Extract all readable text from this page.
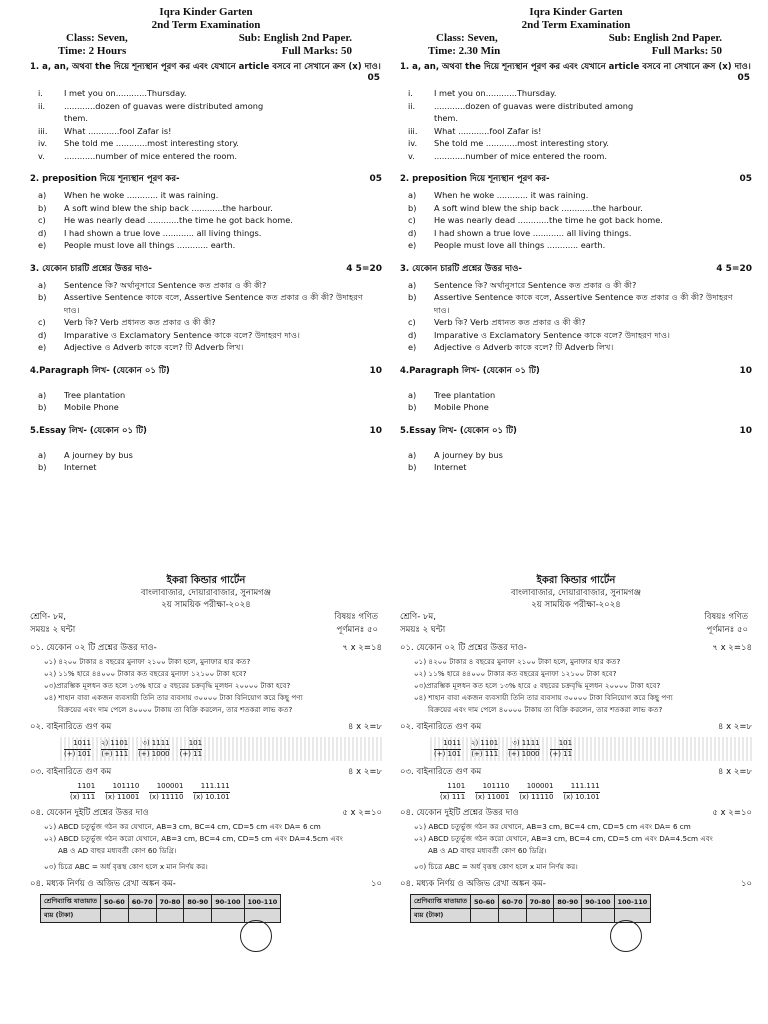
Iqra Kinder Garten
2nd Term Examination
Class: Seven,	Sub: English 2nd Paper.
Time: 2 Hours	Full Marks: 50
1. a, an, অথবা the দিয়ে শূন্যস্থান পূরণ কর এবং যেখানে article বসবে না সেখানে ক্রস (x) দাও।
05
i.	I met you on............Thursday.
ii.	............dozen of guavas were distributed among
them.
iii.	What ............fool Zafar is!
iv.	She told me ............most interesting story.
v.	............number of mice entered the room.
2. preposition দিয়ে শূন্যস্থান পূরণ কর-	05
a)	When he woke ............ it was raining.
b)	A soft wind blew the ship back ............the harbour.
c)	He was nearly dead ............the time he got back home.
d)	I had shown a true love ............ all living things.
e)	People must love all things ............ earth.
3. যেকোন চারটি প্রশ্নের উত্তর দাও-	4 5=20
a)	Sentence কি? অর্থানুসারে Sentence কত প্রকার ও কী কী?
b)	Assertive Sentence কাকে বলে, Assertive Sentence কত প্রকার ও কী কী? উদাহরণ
দাও।
c)	Verb কি? Verb প্রধানত কত প্রকার ও কী কী?
d)	Imparative ও Exclamatory Sentence কাকে বলে? উদাহরণ দাও।
e)	Adjective ও Adverb কাকে বলে? টি Adverb লিখ।
4.Paragraph লিখ- (যেকোন ০১ টি)	10
a)	Tree plantation
b)	Mobile Phone
5.Essay লিখ- (যেকোন ০১ টি)	10
a)	A journey by bus
b)	Internet
Iqra Kinder Garten
2nd Term Examination
Class: Seven,	Sub: English 2nd Paper.
Time: 2.30 Min	Full Marks: 50
1. a, an, অথবা the দিয়ে শূন্যস্থান পূরণ কর এবং যেখানে article বসবে না সেখানে ক্রস (x) দাও।
05
i.	I met you on............Thursday.
ii.	............dozen of guavas were distributed among
them.
iii.	What ............fool Zafar is!
iv.	She told me ............most interesting story.
v.	............number of mice entered the room.
2. preposition দিয়ে শূন্যস্থান পূরণ কর-	05
a)	When he woke ............ it was raining.
b)	A soft wind blew the ship back ............the harbour.
c)	He was nearly dead ............the time he got back home.
d)	I had shown a true love ............ all living things.
e)	People must love all things ............ earth.
3. যেকোন চারটি প্রশ্নের উত্তর দাও-	4 5=20
a)	Sentence কি? অর্থানুসারে Sentence কত প্রকার ও কী কী?
b)	Assertive Sentence কাকে বলে, Assertive Sentence কত প্রকার ও কী কী? উদাহরণ
দাও।
c)	Verb কি? Verb প্রধানত কত প্রকার ও কী কী?
d)	Imparative ও Exclamatory Sentence কাকে বলে? উদাহরণ দাও।
e)	Adjective ও Adverb কাকে বলে? টি Adverb লিখ।
4.Paragraph লিখ- (যেকোন ০১ টি)	10
a)	Tree plantation
b)	Mobile Phone
5.Essay লিখ- (যেকোন ০১ টি)	10
a)	A journey by bus
b)	Internet
ইকরা কিন্ডার গার্টেন
বাংলাবাজার, দোয়ারাবাজার, সুনামগঞ্জ
২য় সাময়িক পরীক্ষা-২০২৪
শ্রেণি- ৮ম,	বিষয়ঃ গণিত
সময়ঃ ২ ঘন্টা	পূর্ণমানঃ ৫০
০১. যেকোন ০২ টি প্রশ্নের উত্তর দাও-	৭ x ২=১৪
০১) ৪২০০ টাকার ৪ বছরের মুনাফা ২১০০ টাকা হলে, মুনাফার হার কত?
০২) ১১% হারে ৪৪০০০ টাকার কত বছরের মুনাফা ১২১০০ টাকা হবে?
০৩)প্রারম্ভিক মূলধন কত হলে ১৩% হারে ৫ বছরের চক্রবৃদ্ধি মূলধন ২০০০০ টাকা হবে?
০৪) শাহান বাবা একজন ব্যবসায়ী তিনি তার ব্যবসায় ৩০০০০ টাকা বিনিয়োগ করে কিছু পণ্য
বিক্রয়ের এবং দাম পেলে ৪০০০০ টাকায় তা বিক্রি করলেন, তার শতকরা লাভ কত?
০২. বাইনারিতে গুণ কম	৪ x ২=৮
1011
(+) 101
২) 1101
(+) 111
৩) 1111
(+) 1000
101
(+) 11
০৩. বাইনারিতে গুণ কম	৪ x ২=৮
1101
(x) 111
101110
(x) 11001
100001
(x) 11110
111.111
(x) 10.101
০৪. যেকোন দুইটি প্রশ্নের উত্তর দাও	৫ x ২=১০
০১) ABCD চতুর্ভুজ গঠন কর যেখানে, AB=3 cm, BC=4 cm, CD=5 cm এবং DA= 6 cm
০২) ABCD চতুর্ভুজ গঠন করো যেখানে, AB=3 cm, BC=4 cm, CD=5 cm এবং DA=4.5cm এবং
AB ও AD বাহুর মধ্যবর্তী কোণ 60 ডিগ্রি।
০৩) চিত্রে ABC = অর্ধ বৃত্তস্থ কোণ হলে x মান নির্ণয় কর।
০৪. মধ্যক নির্ণয় ও অজিভ রেখা অঙ্কন কম-	১০
শ্রেণিব্যাপ্তি যাতায়াত	50-60	60-70	70-80	80-90	90-100	100-110
ব্যয় (টাকা)						
ইকরা কিন্ডার গার্টেন
বাংলাবাজার, দোয়ারাবাজার, সুনামগঞ্জ
২য় সাময়িক পরীক্ষা-২০২৪
শ্রেণি- ৮ম,	বিষয়ঃ গণিত
সময়ঃ ২ ঘন্টা	পূর্ণমানঃ ৫০
০১. যেকোন ০২ টি প্রশ্নের উত্তর দাও-	৭ x ২=১৪
০১) ৪২০০ টাকার ৪ বছরের মুনাফা ২১০০ টাকা হলে, মুনাফার হার কত?
০২) ১১% হারে ৪৪০০০ টাকার কত বছরের মুনাফা ১২১০০ টাকা হবে?
০৩)প্রারম্ভিক মূলধন কত হলে ১৩% হারে ৫ বছরের চক্রবৃদ্ধি মূলধন ২০০০০ টাকা হবে?
০৪) শাহান বাবা একজন ব্যবসায়ী তিনি তার ব্যবসায় ৩০০০০ টাকা বিনিয়োগ করে কিছু পণ্য
বিক্রয়ের এবং দাম পেলে ৪০০০০ টাকায় তা বিক্রি করলেন, তার শতকরা লাভ কত?
০২. বাইনারিতে গুণ কম	৪ x ২=৮
1011
(+) 101
২) 1101
(+) 111
৩) 1111
(+) 1000
101
(+) 11
০৩. বাইনারিতে গুণ কম	৪ x ২=৮
1101
(x) 111
101110
(x) 11001
100001
(x) 11110
111.111
(x) 10.101
০৪. যেকোন দুইটি প্রশ্নের উত্তর দাও	৫ x ২=১০
০১) ABCD চতুর্ভুজ গঠন কর যেখানে, AB=3 cm, BC=4 cm, CD=5 cm এবং DA= 6 cm
০২) ABCD চতুর্ভুজ গঠন করো যেখানে, AB=3 cm, BC=4 cm, CD=5 cm এবং DA=4.5cm এবং
AB ও AD বাহুর মধ্যবর্তী কোণ 60 ডিগ্রি।
০৩) চিত্রে ABC = অর্ধ বৃত্তস্থ কোণ হলে x মান নির্ণয় কর।
০৪. মধ্যক নির্ণয় ও অজিভ রেখা অঙ্কন কম-	১০
শ্রেণিব্যাপ্তি যাতায়াত	50-60	60-70	70-80	80-90	90-100	100-110
ব্যয় (টাকা)						
